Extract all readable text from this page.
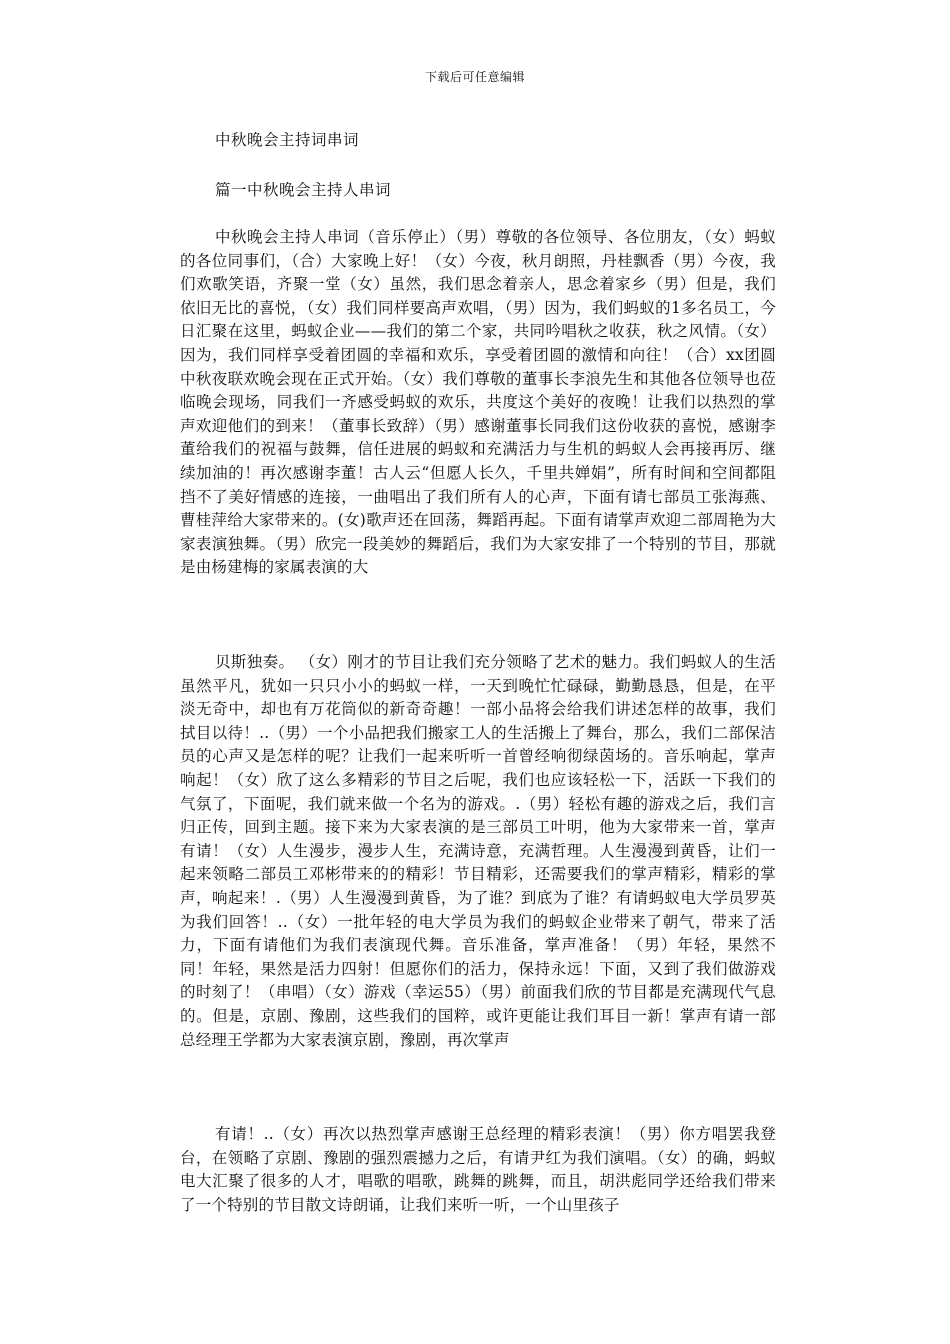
下载后可任意编辑
中秋晚会主持词串词
篇一中秋晚会主持人串词

中秋晚会主持人串词（音乐停止）（男）尊敬的各位领导、各位朋友，（女）蚂蚁的各位同事们，（合）大家晚上好！（女）今夜，秋月朗照，丹桂飘香（男）今夜，我们欢歌笑语，齐聚一堂（女）虽然，我们思念着亲人，思念着家乡（男）但是，我们依旧无比的喜悦，（女）我们同样要高声欢唱，（男）因为，我们蚂蚁的1多名员工，今日汇聚在这里，蚂蚁企业——我们的第二个家，共同吟唱秋之收获，秋之风情。（女）因为，我们同样享受着团圆的幸福和欢乐，享受着团圆的激情和向往！（合）xx团圆中秋夜联欢晚会现在正式开始。（女）我们尊敬的董事长李浪先生和其他各位领导也莅临晚会现场，同我们一齐感受蚂蚁的欢乐，共度这个美好的夜晚！让我们以热烈的掌声欢迎他们的到来！（董事长致辞）（男）感谢董事长同我们这份收获的喜悦，感谢李董给我们的祝福与鼓舞，信任进展的蚂蚁和充满活力与生机的蚂蚁人会再接再厉、继续加油的！再次感谢李董！古人云“但愿人长久，千里共婵娟”，所有时间和空间都阻挡不了美好情感的连接，一曲唱出了我们所有人的心声，下面有请七部员工张海燕、曹桂萍给大家带来的。(女)歌声还在回荡，舞蹈再起。下面有请掌声欢迎二部周艳为大家表演独舞。（男）欣完一段美妙的舞蹈后，我们为大家安排了一个特别的节目，那就是由杨建梅的家属表演的大

贝斯独奏。 （女）刚才的节目让我们充分领略了艺术的魅力。我们蚂蚁人的生活虽然平凡，犹如一只只小小的蚂蚁一样，一天到晚忙忙碌碌，勤勤恳恳，但是，在平淡无奇中，却也有万花筒似的新奇奇趣！一部小品将会给我们讲述怎样的故事，我们拭目以待！..（男）一个小品把我们搬家工人的生活搬上了舞台，那么，我们二部保洁员的心声又是怎样的呢？让我们一起来听听一首曾经响彻绿茵场的。音乐响起，掌声响起！（女）欣了这么多精彩的节目之后呢，我们也应该轻松一下，活跃一下我们的气氛了，下面呢，我们就来做一个名为的游戏。.（男）轻松有趣的游戏之后，我们言归正传，回到主题。接下来为大家表演的是三部员工叶明，他为大家带来一首，掌声有请！（女）人生漫步，漫步人生，充满诗意，充满哲理。人生漫漫到黄昏，让们一起来领略二部员工邓彬带来的的精彩！节目精彩，还需要我们的掌声精彩，精彩的掌声，响起来！.（男）人生漫漫到黄昏，为了谁？到底为了谁？有请蚂蚁电大学员罗英为我们回答！..（女）一批年轻的电大学员为我们的蚂蚁企业带来了朝气，带来了活力，下面有请他们为我们表演现代舞。音乐准备，掌声准备！（男）年轻，果然不同！年轻，果然是活力四射！但愿你们的活力，保持永远！下面，又到了我们做游戏的时刻了！（串唱）（女）游戏（幸运55）（男）前面我们欣的节目都是充满现代气息的。但是，京剧、豫剧，这些我们的国粹，或许更能让我们耳目一新！掌声有请一部总经理王学都为大家表演京剧，豫剧，再次掌声

有请！..（女）再次以热烈掌声感谢王总经理的精彩表演！（男）你方唱罢我登台，在领略了京剧、豫剧的强烈震撼力之后，有请尹红为我们演唱。（女）的确，蚂蚁电大汇聚了很多的人才，唱歌的唱歌，跳舞的跳舞，而且，胡洪彪同学还给我们带来了一个特别的节目散文诗朗诵，让我们来听一听，一个山里孩子
